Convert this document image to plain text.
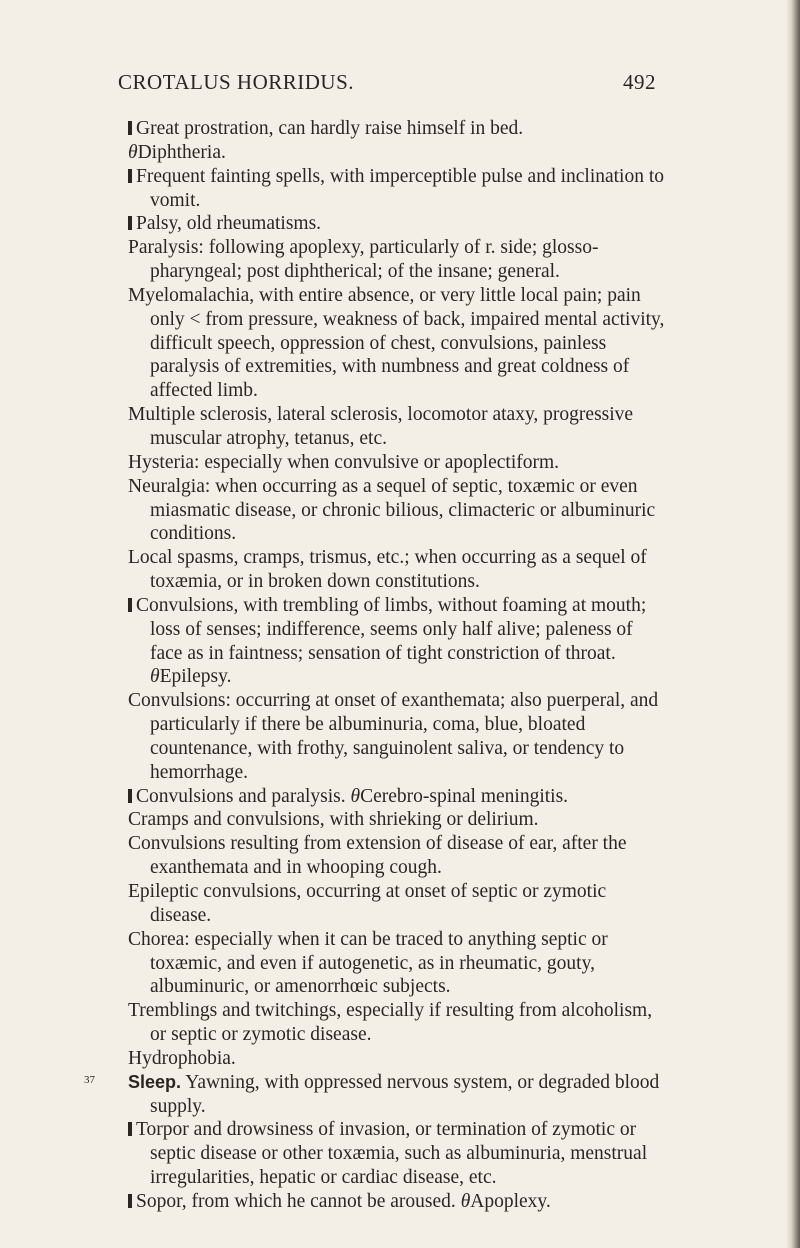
CROTALUS HORRIDUS.	492

Great prostration, can hardly raise himself in bed.

θDiphtheria.

Frequent fainting spells, with imperceptible pulse and inclination to vomit.

Palsy, old rheumatisms.

Paralysis: following apoplexy, particularly of r. side; glosso-pharyngeal; post diphtherical; of the insane; general.

Myelomalachia, with entire absence, or very little local pain; pain only < from pressure, weakness of back, impaired mental activity, difficult speech, oppression of chest, convulsions, painless paralysis of extremities, with numbness and great coldness of affected limb.

Multiple sclerosis, lateral sclerosis, locomotor ataxy, progressive muscular atrophy, tetanus, etc.

Hysteria: especially when convulsive or apoplectiform.

Neuralgia: when occurring as a sequel of septic, toxæmic or even miasmatic disease, or chronic bilious, climacteric or albuminuric conditions.

Local spasms, cramps, trismus, etc.; when occurring as a sequel of toxæmia, or in broken down constitutions.

Convulsions, with trembling of limbs, without foaming at mouth; loss of senses; indifference, seems only half alive; paleness of face as in faintness; sensation of tight constriction of throat. θEpilepsy.

Convulsions: occurring at onset of exanthemata; also puerperal, and particularly if there be albuminuria, coma, blue, bloated countenance, with frothy, sanguinolent saliva, or tendency to hemorrhage.

Convulsions and paralysis. θCerebro-spinal meningitis.

Cramps and convulsions, with shrieking or delirium.

Convulsions resulting from extension of disease of ear, after the exanthemata and in whooping cough.

Epileptic convulsions, occurring at onset of septic or zymotic disease.

Chorea: especially when it can be traced to anything septic or toxæmic, and even if autogenetic, as in rheumatic, gouty, albuminuric, or amenorrhœic subjects.

Tremblings and twitchings, especially if resulting from alcoholism, or septic or zymotic disease.

Hydrophobia.

37	Sleep. Yawning, with oppressed nervous system, or degraded blood supply.

Torpor and drowsiness of invasion, or termination of zymotic or septic disease or other toxæmia, such as albuminuria, menstrual irregularities, hepatic or cardiac disease, etc.

Sopor, from which he cannot be aroused. θApoplexy.
